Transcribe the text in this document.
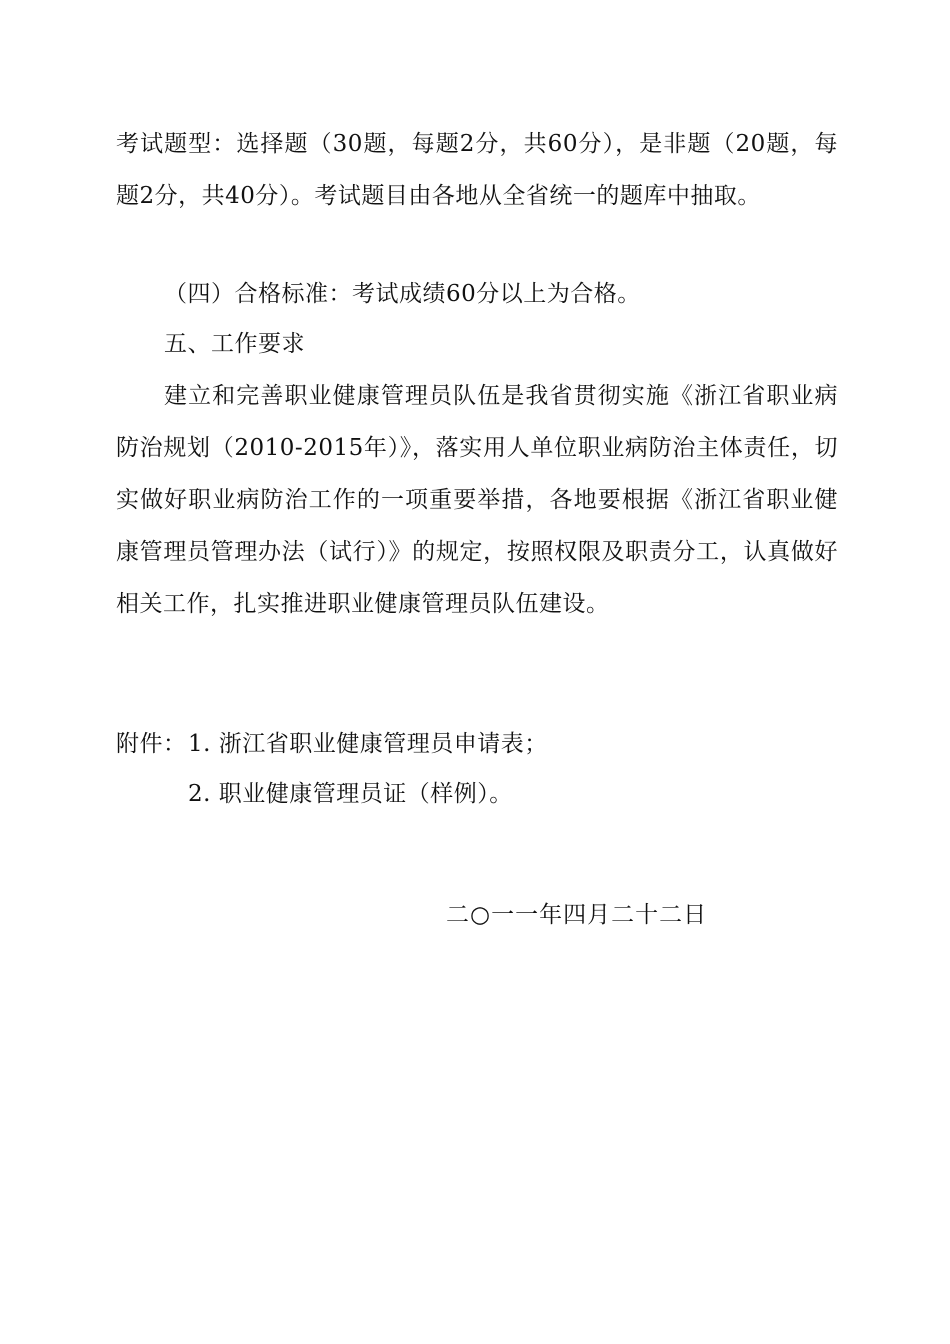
考试题型：选择题（30题，每题2分，共60分），是非题（20题，每题2分，共40分）。考试题目由各地从全省统一的题库中抽取。

（四）合格标准：考试成绩60分以上为合格。

五、工作要求

建立和完善职业健康管理员队伍是我省贯彻实施《浙江省职业病防治规划（2010-2015年）》，落实用人单位职业病防治主体责任，切实做好职业病防治工作的一项重要举措，各地要根据《浙江省职业健康管理员管理办法（试行）》的规定，按照权限及职责分工，认真做好相关工作，扎实推进职业健康管理员队伍建设。

附件： 1. 浙江省职业健康管理员申请表；
2. 职业健康管理员证（样例）。
二○一一年四月二十二日
